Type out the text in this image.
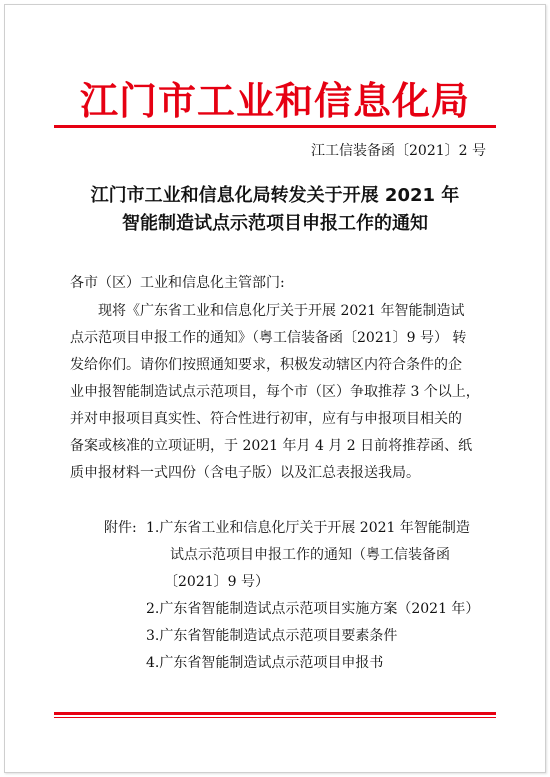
江门市工业和信息化局
江工信装备函〔2021〕2 号
江门市工业和信息化局转发关于开展 2021 年
智能制造试点示范项目申报工作的通知
各市（区）工业和信息化主管部门:
　　现将《广东省工业和信息化厅关于开展 2021 年智能制造试
点示范项目申报工作的通知》（粤工信装备函〔2021〕9 号） 转
发给你们。请你们按照通知要求，积极发动辖区内符合条件的企
业申报智能制造试点示范项目，每个市（区）争取推荐 3 个以上，
并对申报项目真实性、符合性进行初审，应有与申报项目相关的
备案或核准的立项证明，于 2021 年月 4 月 2 日前将推荐函、纸
质申报材料一式四份（含电子版）以及汇总表报送我局。
附件: 1.广东省工业和信息化厅关于开展 2021 年智能制造
试点示范项目申报工作的通知（粤工信装备函
〔2021〕9 号）
2.广东省智能制造试点示范项目实施方案（2021 年）
3.广东省智能制造试点示范项目要素条件
4.广东省智能制造试点示范项目申报书
